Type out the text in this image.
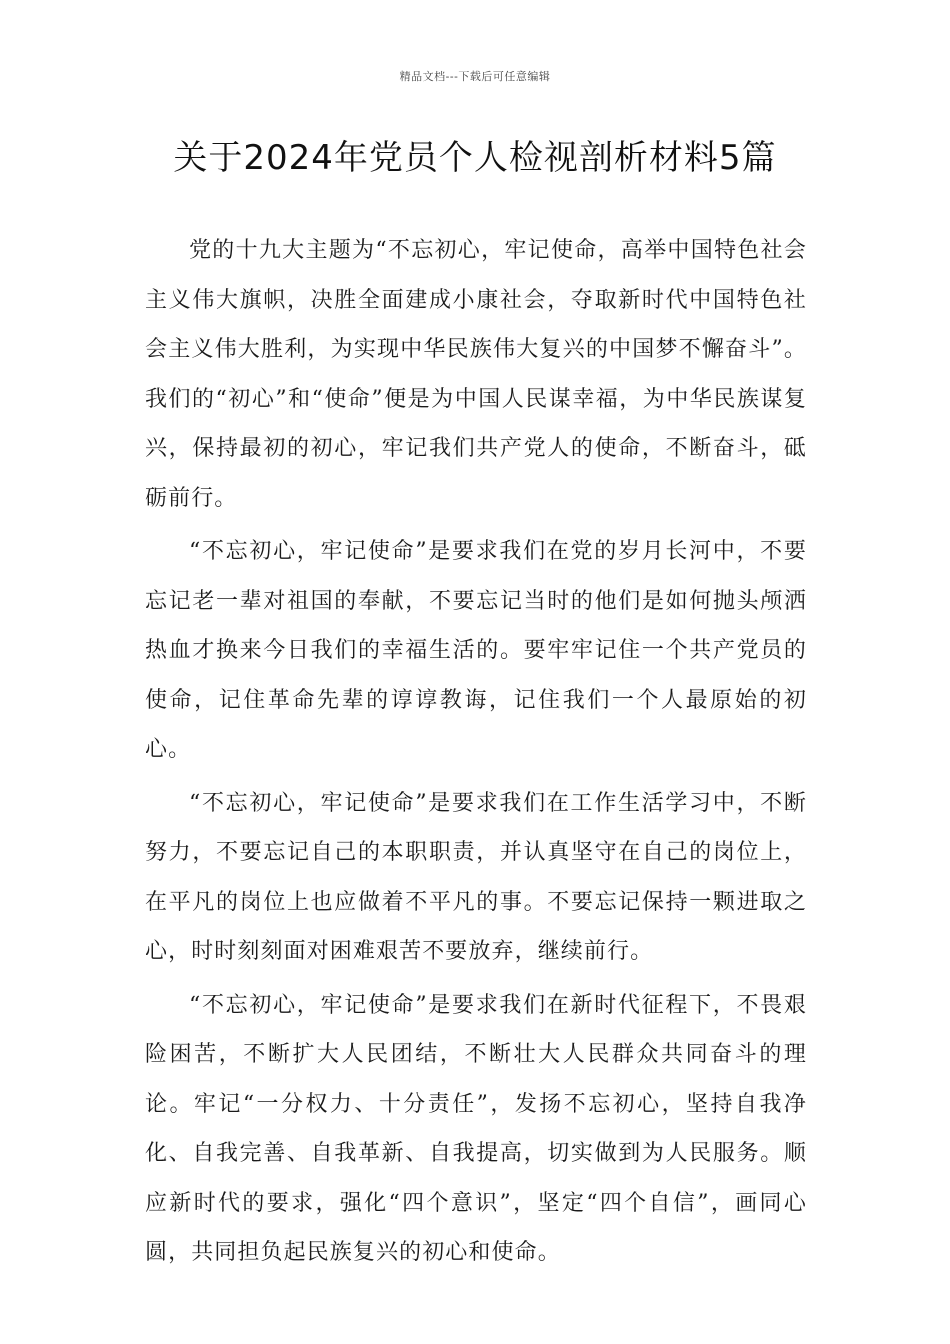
精品文档---下载后可任意编辑
关于2024年党员个人检视剖析材料5篇

党的十九大主题为“不忘初心，牢记使命，高举中国特色社会主义伟大旗帜，决胜全面建成小康社会，夺取新时代中国特色社会主义伟大胜利，为实现中华民族伟大复兴的中国梦不懈奋斗”。我们的“初心”和“使命”便是为中国人民谋幸福，为中华民族谋复兴，保持最初的初心，牢记我们共产党人的使命，不断奋斗，砥砺前行。

“不忘初心，牢记使命”是要求我们在党的岁月长河中，不要忘记老一辈对祖国的奉献，不要忘记当时的他们是如何抛头颅洒热血才换来今日我们的幸福生活的。要牢牢记住一个共产党员的使命，记住革命先辈的谆谆教诲，记住我们一个人最原始的初心。

“不忘初心，牢记使命”是要求我们在工作生活学习中，不断努力，不要忘记自己的本职职责，并认真坚守在自己的岗位上，在平凡的岗位上也应做着不平凡的事。不要忘记保持一颗进取之心，时时刻刻面对困难艰苦不要放弃，继续前行。

“不忘初心，牢记使命”是要求我们在新时代征程下，不畏艰险困苦，不断扩大人民团结，不断壮大人民群众共同奋斗的理论。牢记“一分权力、十分责任”，发扬不忘初心，坚持自我净化、自我完善、自我革新、自我提高，切实做到为人民服务。顺应新时代的要求，强化“四个意识”，坚定“四个自信”，画同心圆，共同担负起民族复兴的初心和使命。
